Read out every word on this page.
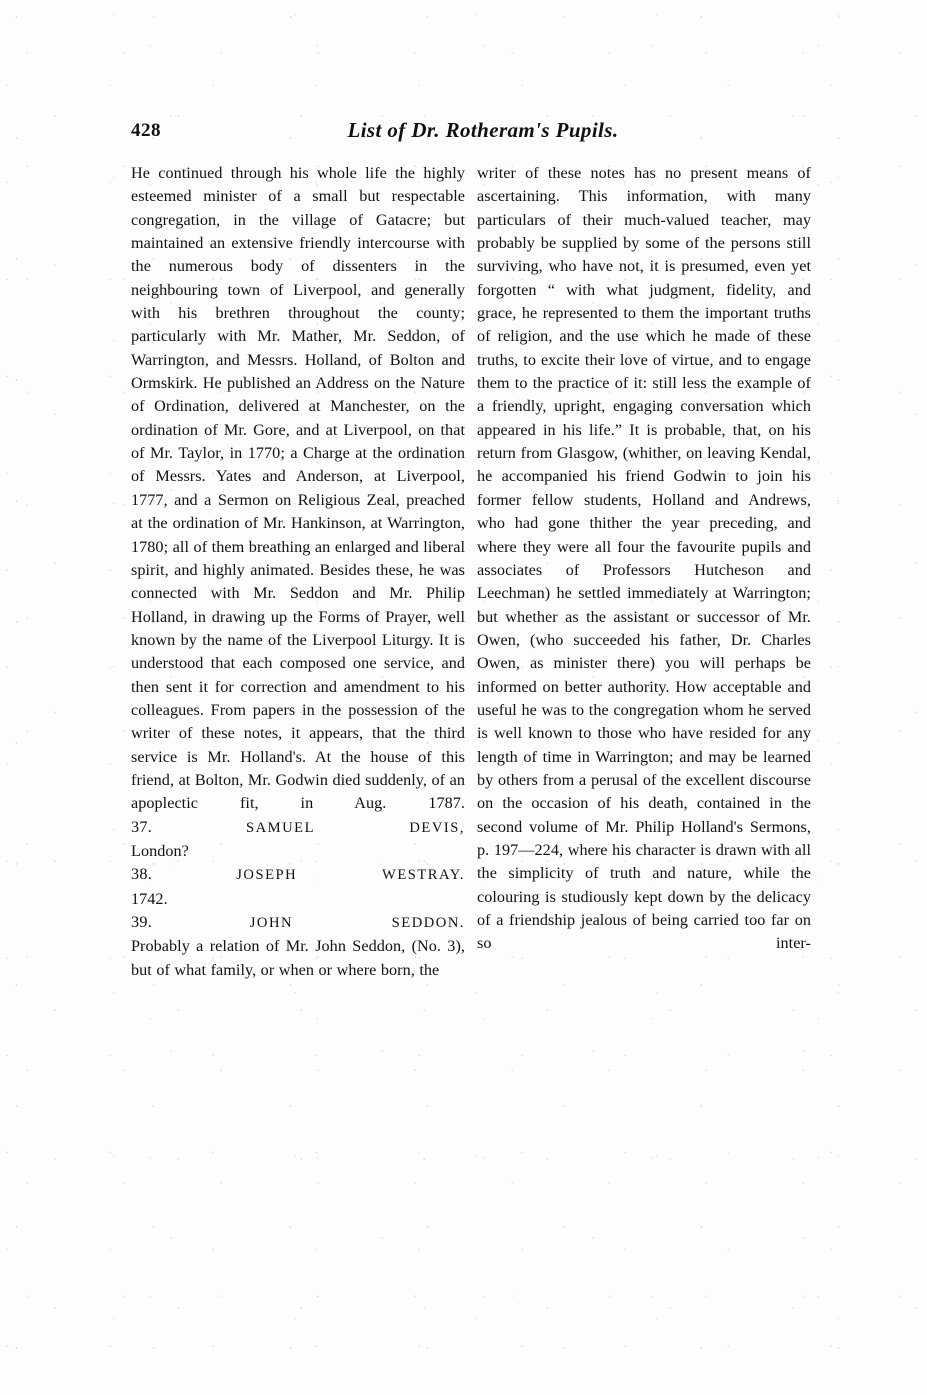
428	List of Dr. Rotheram's Pupils.

He continued through his whole life the highly esteemed minister of a small but respectable congregation, in the village of Gatacre; but maintained an extensive friendly intercourse with the numerous body of dissenters in the neighbouring town of Liverpool, and generally with his brethren throughout the county; particularly with Mr. Mather, Mr. Seddon, of Warrington, and Messrs. Holland, of Bolton and Ormskirk. He published an Address on the Nature of Ordination, delivered at Manchester, on the ordination of Mr. Gore, and at Liverpool, on that of Mr. Taylor, in 1770; a Charge at the ordination of Messrs. Yates and Anderson, at Liverpool, 1777, and a Sermon on Religious Zeal, preached at the ordination of Mr. Hankinson, at Warrington, 1780; all of them breathing an enlarged and liberal spirit, and highly animated. Besides these, he was connected with Mr. Seddon and Mr. Philip Holland, in drawing up the Forms of Prayer, well known by the name of the Liverpool Liturgy. It is understood that each composed one service, and then sent it for correction and amendment to his colleagues. From papers in the possession of the writer of these notes, it appears, that the third service is Mr. Holland's. At the house of this friend, at Bolton, Mr. Godwin died suddenly, of an apoplectic fit, in Aug. 1787.

37.	SAMUEL DEVIS,

London?

38.	JOSEPH WESTRAY.

1742.

39.	JOHN SEDDON.

Probably a relation of Mr. John Seddon, (No. 3), but of what family, or when or where born, the

writer of these notes has no present means of ascertaining. This information, with many particulars of their much-valued teacher, may probably be supplied by some of the persons still surviving, who have not, it is presumed, even yet forgotten “ with what judgment, fidelity, and grace, he represented to them the important truths of religion, and the use which he made of these truths, to excite their love of virtue, and to engage them to the practice of it: still less the example of a friendly, upright, engaging conversation which appeared in his life.” It is probable, that, on his return from Glasgow, (whither, on leaving Kendal, he accompanied his friend Godwin to join his former fellow students, Holland and Andrews, who had gone thither the year preceding, and where they were all four the favourite pupils and associates of Professors Hutcheson and Leechman) he settled immediately at Warrington; but whether as the assistant or successor of Mr. Owen, (who succeeded his father, Dr. Charles Owen, as minister there) you will perhaps be informed on better authority. How acceptable and useful he was to the congregation whom he served is well known to those who have resided for any length of time in Warrington; and may be learned by others from a perusal of the excellent discourse on the occasion of his death, contained in the second volume of Mr. Philip Holland's Sermons, p. 197—224, where his character is drawn with all the simplicity of truth and nature, while the colouring is studiously kept down by the delicacy of a friendship jealous of being carried too far on so inter-
